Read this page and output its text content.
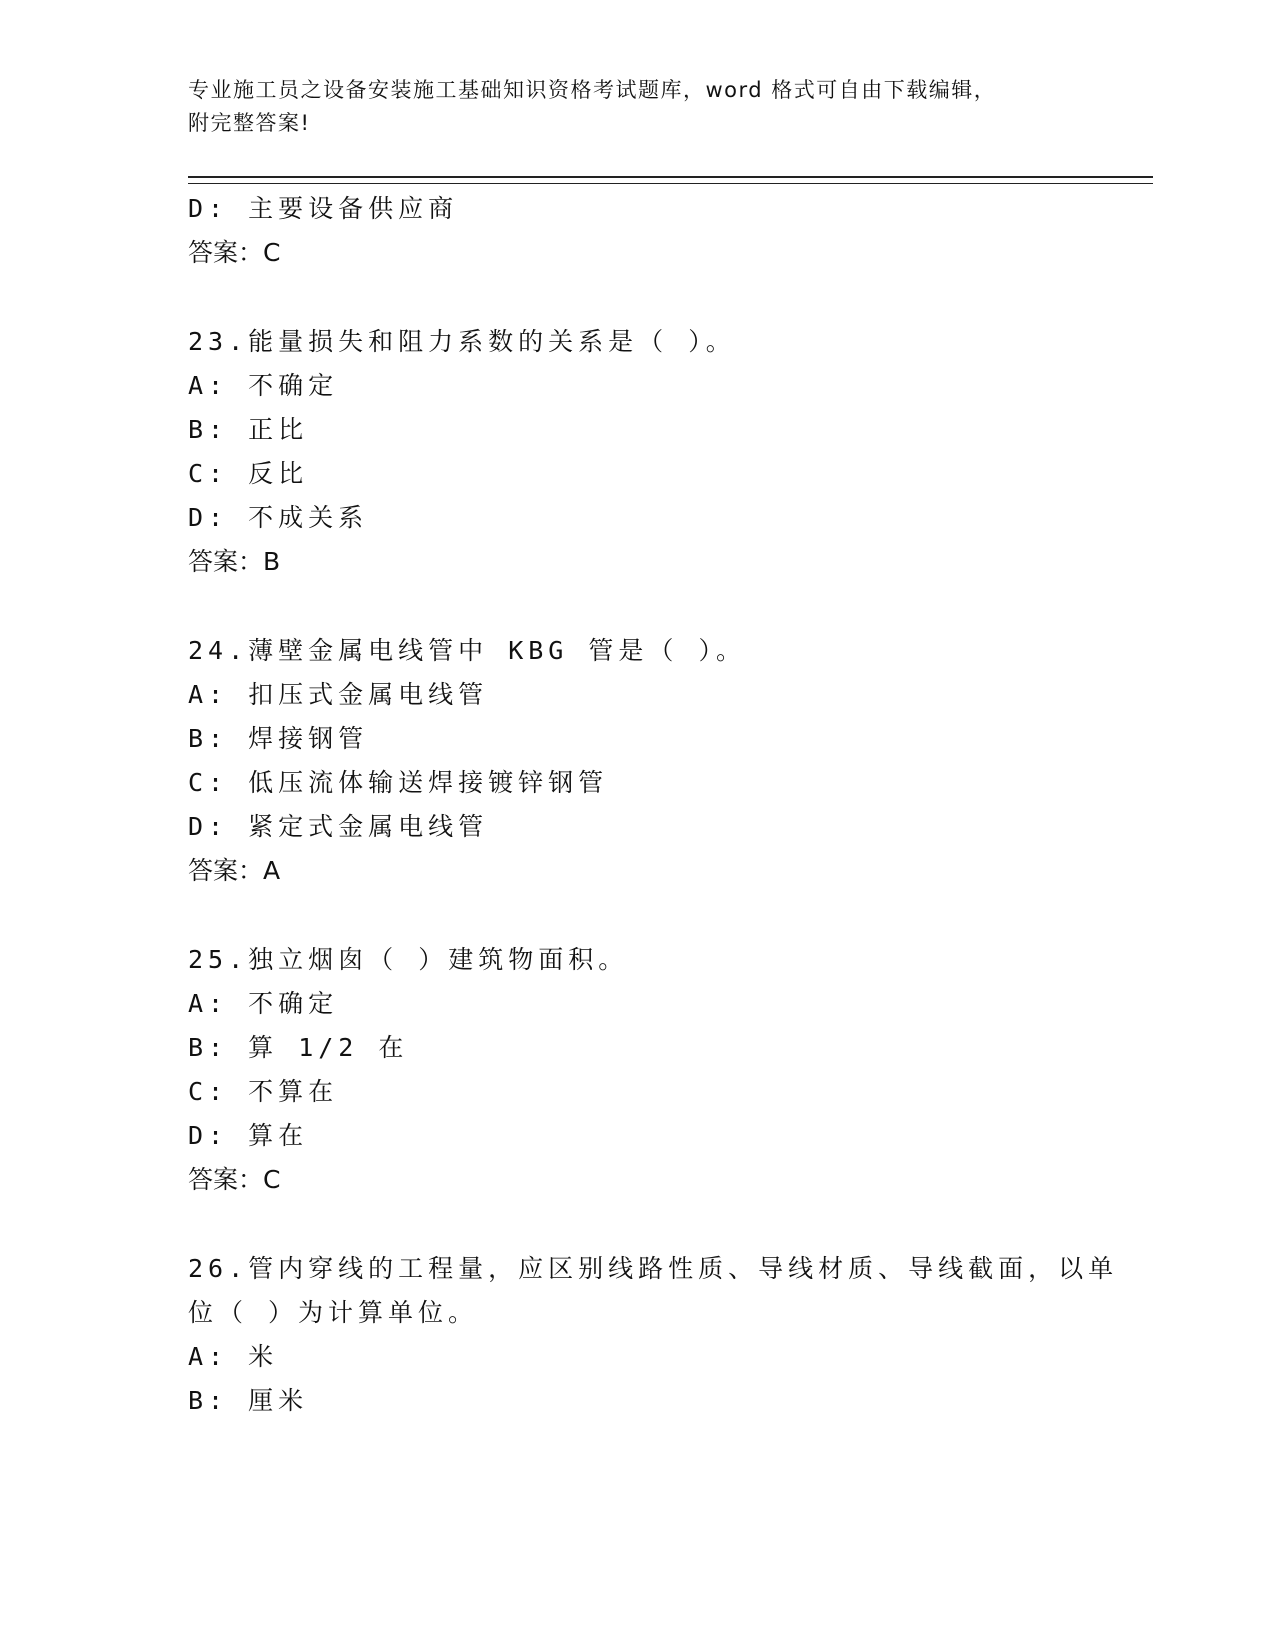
专业施工员之设备安装施工基础知识资格考试题库，word 格式可自由下载编辑，
附完整答案!
D: 主要设备供应商
答案：C
23.能量损失和阻力系数的关系是（ ）。
A: 不确定
B: 正比
C: 反比
D: 不成关系
答案：B
24.薄壁金属电线管中 KBG 管是（ ）。
A: 扣压式金属电线管
B: 焊接钢管
C: 低压流体输送焊接镀锌钢管
D: 紧定式金属电线管
答案：A
25.独立烟囱（ ）建筑物面积。
A: 不确定
B: 算 1/2 在
C: 不算在
D: 算在
答案：C
26.管内穿线的工程量，应区别线路性质、导线材质、导线截面，以单
位（ ）为计算单位。
A: 米
B: 厘米
